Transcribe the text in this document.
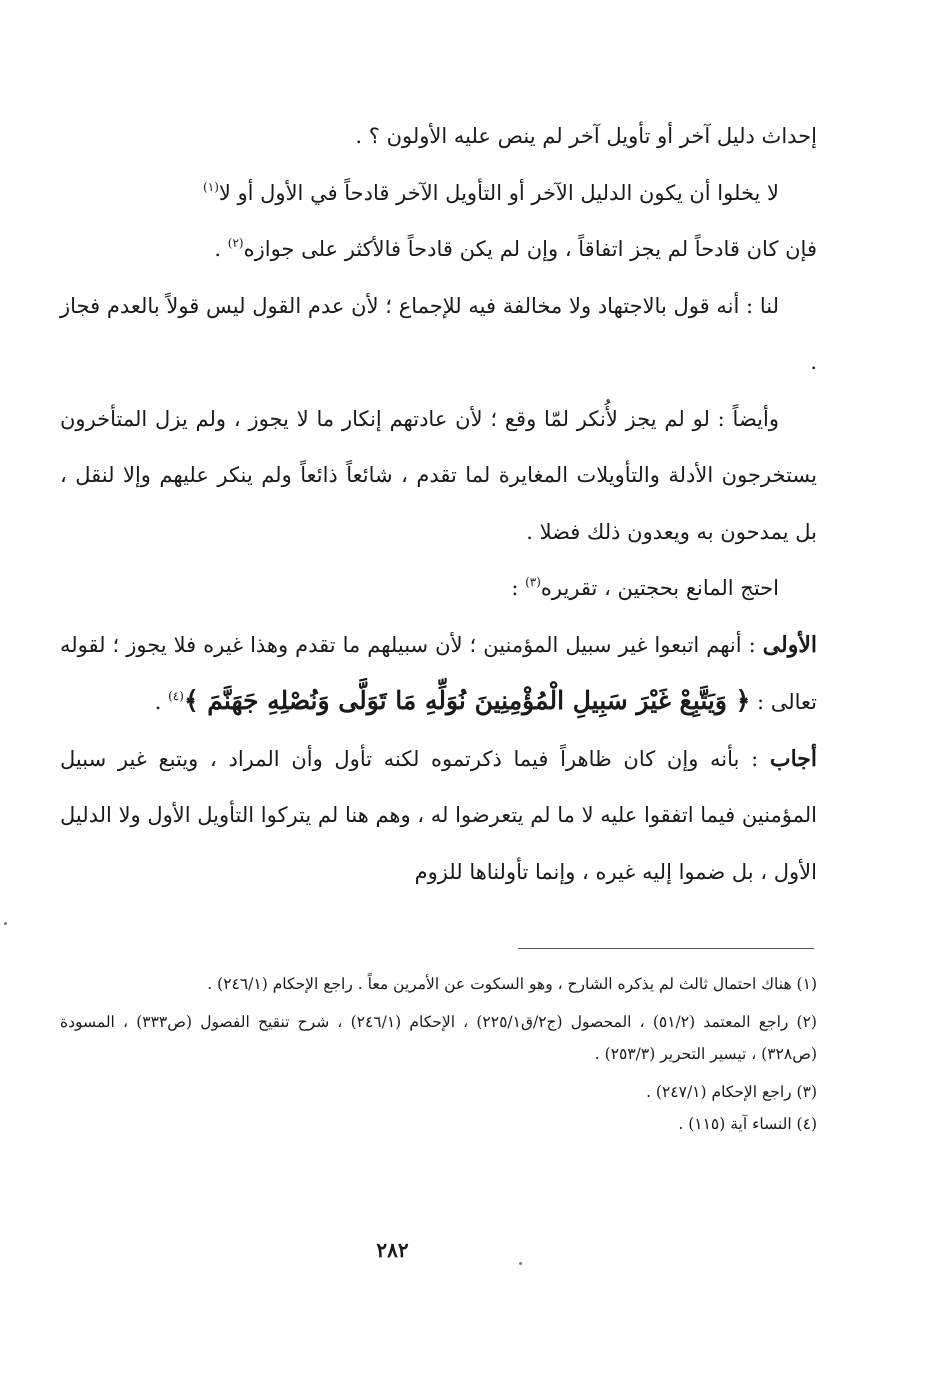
إحداث دليل آخر أو تأويل آخر لم ينص عليه الأولون ؟ .

لا يخلوا أن يكون الدليل الآخر أو التأويل الآخر قادحاً في الأول أو لا$^{(١)}$

فإن كان قادحاً لم يجز اتفاقاً ، وإن لم يكن قادحاً فالأكثر على جوازه$^{(٢)}$ .

لنا : أنه قول بالاجتهاد ولا مخالفة فيه للإجماع ؛ لأن عدم القول ليس قولاً بالعدم فجاز .

وأيضاً : لو لم يجز لأُنكر لمّا وقع ؛ لأن عادتهم إنكار ما لا يجوز ، ولم يزل المتأخرون يستخرجون الأدلة والتأويلات المغايرة لما تقدم ، شائعاً ذائعاً ولم ينكر عليهم وإلا لنقل ، بل يمدحون به ويعدون ذلك فضلا .

احتج المانع بحجتين ، تقريره$^{(٣)}$ :

الأولى : أنهم اتبعوا غير سبيل المؤمنين ؛ لأن سبيلهم ما تقدم وهذا غيره فلا يجوز ؛ لقوله تعالى : ﴿ وَيَتَّبِعْ غَيْرَ سَبِيلِ الْمُؤْمِنِينَ نُوَلِّهِ مَا تَوَلَّى وَنُصْلِهِ جَهَنَّمَ ﴾$^{(٤)}$ .

أجاب : بأنه وإن كان ظاهراً فيما ذكرتموه لكنه تأول وأن المراد ، ويتبع غير سبيل المؤمنين فيما اتفقوا عليه لا ما لم يتعرضوا له ، وهم هنا لم يتركوا التأويل الأول ولا الدليل الأول ، بل ضموا إليه غيره ، وإنما تأولناها للزوم

(١) هناك احتمال ثالث لم يذكره الشارح ، وهو السكوت عن الأمرين معاً . راجع الإحكام (٢٤٦/١) .

(٢) راجع المعتمد (٥١/٢) ، المحصول (ج٢/ق٢٢٥/١) ، الإحكام (٢٤٦/١) ، شرح تنقيح الفصول (ص٣٣٣) ، المسودة (ص٣٢٨) ، تيسير التحرير (٢٥٣/٣) .

(٣) راجع الإحكام (٢٤٧/١) .

(٤) النساء آية (١١٥) .

٢٨٢
